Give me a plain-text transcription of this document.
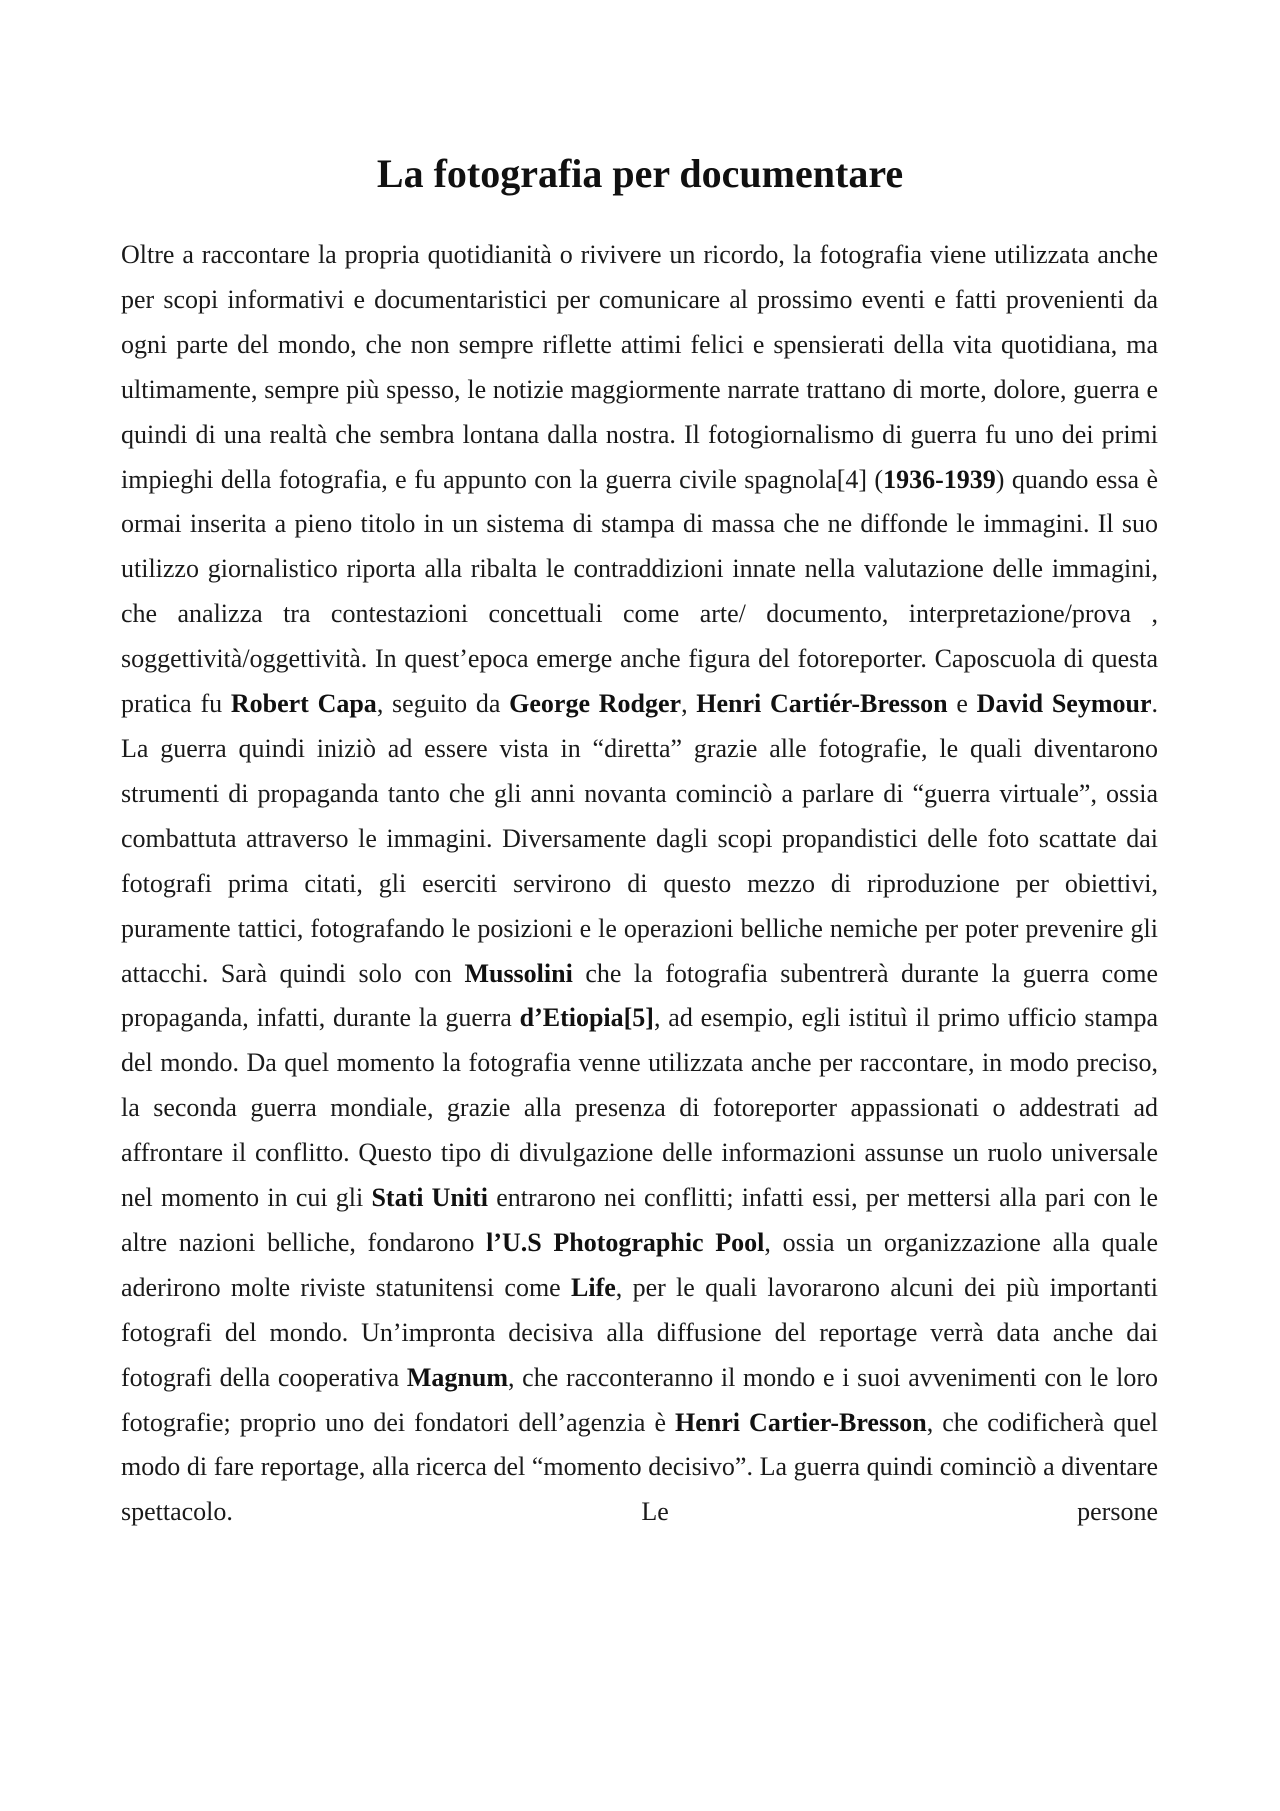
La fotografia per documentare

Oltre a raccontare la propria quotidianità o rivivere un ricordo, la fotografia viene utilizzata anche per scopi informativi e documentaristici per comunicare al prossimo eventi e fatti provenienti da ogni parte del mondo, che non sempre riflette attimi felici e spensierati della vita quotidiana, ma ultimamente, sempre più spesso, le notizie maggiormente narrate trattano di morte, dolore, guerra e quindi di una realtà che sembra lontana dalla nostra. Il fotogiornalismo di guerra fu uno dei primi impieghi della fotografia, e fu appunto con la guerra civile spagnola[4] (1936-1939) quando essa è ormai inserita a pieno titolo in un sistema di stampa di massa che ne diffonde le immagini. Il suo utilizzo giornalistico riporta alla ribalta le contraddizioni innate nella valutazione delle immagini, che analizza tra contestazioni concettuali come arte/ documento, interpretazione/prova , soggettività/oggettività. In quest’epoca emerge anche figura del fotoreporter. Caposcuola di questa pratica fu Robert Capa, seguito da George Rodger, Henri Cartiér-Bresson e David Seymour. La guerra quindi iniziò ad essere vista in “diretta” grazie alle fotografie, le quali diventarono strumenti di propaganda tanto che gli anni novanta cominciò a parlare di “guerra virtuale”, ossia combattuta attraverso le immagini. Diversamente dagli scopi propandistici delle foto scattate dai fotografi prima citati, gli eserciti servirono di questo mezzo di riproduzione per obiettivi, puramente tattici, fotografando le posizioni e le operazioni belliche nemiche per poter prevenire gli attacchi. Sarà quindi solo con Mussolini che la fotografia subentrerà durante la guerra come propaganda, infatti, durante la guerra d’Etiopia[5], ad esempio, egli istituì il primo ufficio stampa del mondo. Da quel momento la fotografia venne utilizzata anche per raccontare, in modo preciso, la seconda guerra mondiale, grazie alla presenza di fotoreporter appassionati o addestrati ad affrontare il conflitto. Questo tipo di divulgazione delle informazioni assunse un ruolo universale nel momento in cui gli Stati Uniti entrarono nei conflitti; infatti essi, per mettersi alla pari con le altre nazioni belliche, fondarono l’U.S Photographic Pool, ossia un organizzazione alla quale aderirono molte riviste statunitensi come Life, per le quali lavorarono alcuni dei più importanti fotografi del mondo. Un’impronta decisiva alla diffusione del reportage verrà data anche dai fotografi della cooperativa Magnum, che racconteranno il mondo e i suoi avvenimenti con le loro fotografie; proprio uno dei fondatori dell’agenzia è Henri Cartier-Bresson, che codificherà quel modo di fare reportage, alla ricerca del “momento decisivo”. La guerra quindi cominciò a diventare spettacolo. Le persone
